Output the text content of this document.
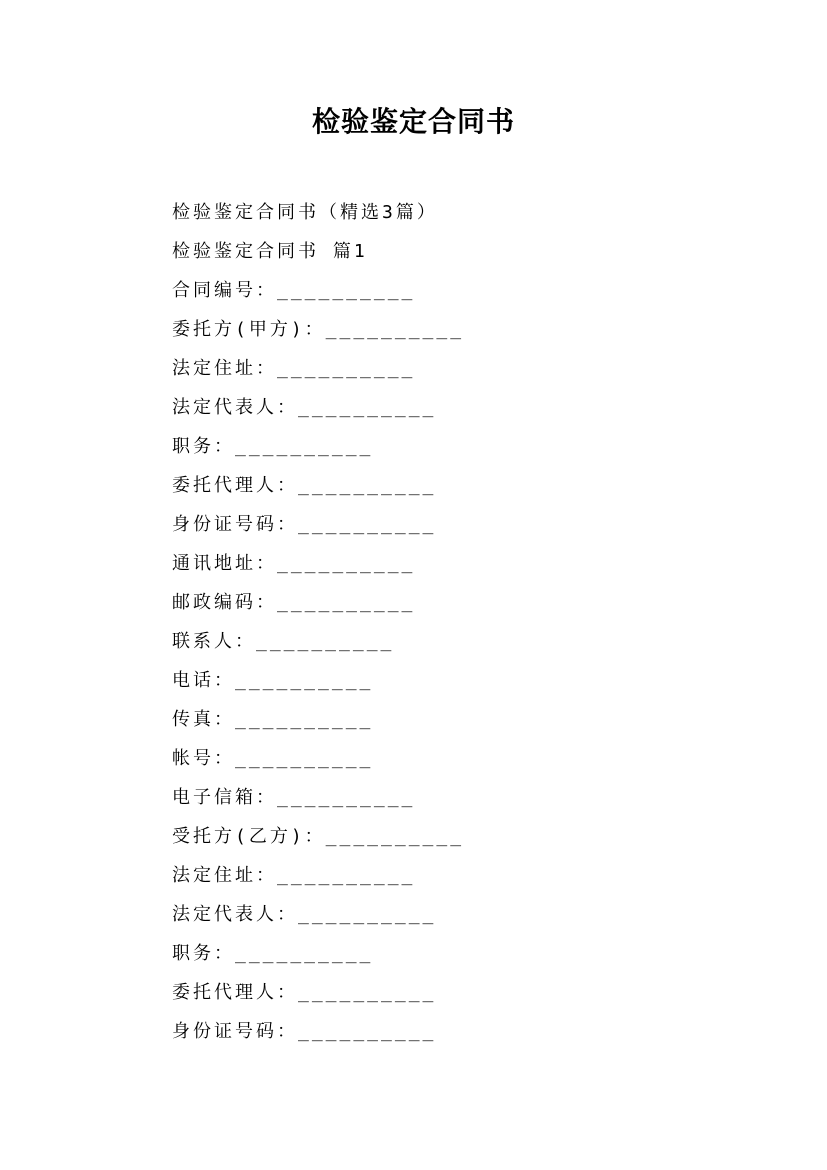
检验鉴定合同书
检验鉴定合同书（精选3篇）
检验鉴定合同书 篇1
合同编号：__________
委托方(甲方)：__________
法定住址：__________
法定代表人：__________
职务：__________
委托代理人：__________
身份证号码：__________
通讯地址：__________
邮政编码：__________
联系人：__________
电话：__________
传真：__________
帐号：__________
电子信箱：__________
受托方(乙方)：__________
法定住址：__________
法定代表人：__________
职务：__________
委托代理人：__________
身份证号码：__________
